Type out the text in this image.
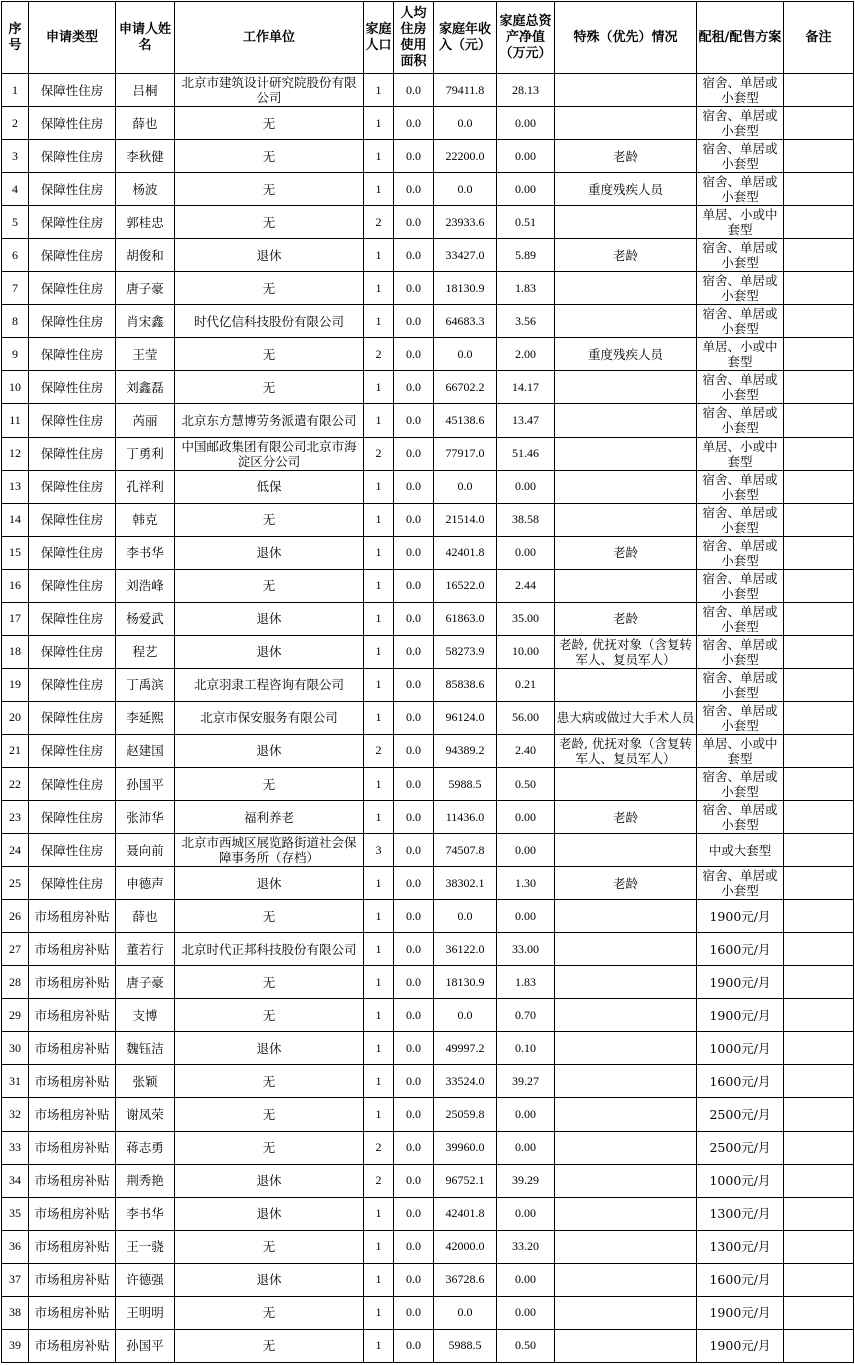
序号	申请类型	申请人姓名	工作单位	家庭人口	人均住房使用面积	家庭年收入（元）	家庭总资产净值（万元）	特殊（优先）情况	配租/配售方案	备注
1	保障性住房	吕桐	北京市建筑设计研究院股份有限公司	1	0.0	79411.8	28.13		宿舍、单居或小套型	
2	保障性住房	薛也	无	1	0.0	0.0	0.00		宿舍、单居或小套型	
3	保障性住房	李秋健	无	1	0.0	22200.0	0.00	老龄	宿舍、单居或小套型	
4	保障性住房	杨波	无	1	0.0	0.0	0.00	重度残疾人员	宿舍、单居或小套型	
5	保障性住房	郭桂忠	无	2	0.0	23933.6	0.51		单居、小或中套型	
6	保障性住房	胡俊和	退休	1	0.0	33427.0	5.89	老龄	宿舍、单居或小套型	
7	保障性住房	唐子豪	无	1	0.0	18130.9	1.83		宿舍、单居或小套型	
8	保障性住房	肖宋鑫	时代亿信科技股份有限公司	1	0.0	64683.3	3.56		宿舍、单居或小套型	
9	保障性住房	王莹	无	2	0.0	0.0	2.00	重度残疾人员	单居、小或中套型	
10	保障性住房	刘鑫磊	无	1	0.0	66702.2	14.17		宿舍、单居或小套型	
11	保障性住房	芮丽	北京东方慧博劳务派遣有限公司	1	0.0	45138.6	13.47		宿舍、单居或小套型	
12	保障性住房	丁勇利	中国邮政集团有限公司北京市海淀区分公司	2	0.0	77917.0	51.46		单居、小或中套型	
13	保障性住房	孔祥利	低保	1	0.0	0.0	0.00		宿舍、单居或小套型	
14	保障性住房	韩克	无	1	0.0	21514.0	38.58		宿舍、单居或小套型	
15	保障性住房	李书华	退休	1	0.0	42401.8	0.00	老龄	宿舍、单居或小套型	
16	保障性住房	刘浩峰	无	1	0.0	16522.0	2.44		宿舍、单居或小套型	
17	保障性住房	杨爱武	退休	1	0.0	61863.0	35.00	老龄	宿舍、单居或小套型	
18	保障性住房	程艺	退休	1	0.0	58273.9	10.00	老龄, 优抚对象（含复转军人、复员军人）	宿舍、单居或小套型	
19	保障性住房	丁禹滨	北京羽隶工程咨询有限公司	1	0.0	85838.6	0.21		宿舍、单居或小套型	
20	保障性住房	李延熙	北京市保安服务有限公司	1	0.0	96124.0	56.00	患大病或做过大手术人员	宿舍、单居或小套型	
21	保障性住房	赵建国	退休	2	0.0	94389.2	2.40	老龄, 优抚对象（含复转军人、复员军人）	单居、小或中套型	
22	保障性住房	孙国平	无	1	0.0	5988.5	0.50		宿舍、单居或小套型	
23	保障性住房	张沛华	福利养老	1	0.0	11436.0	0.00	老龄	宿舍、单居或小套型	
24	保障性住房	聂向前	北京市西城区展览路街道社会保障事务所（存档）	3	0.0	74507.8	0.00		中或大套型	
25	保障性住房	申德声	退休	1	0.0	38302.1	1.30	老龄	宿舍、单居或小套型	
26	市场租房补贴	薛也	无	1	0.0	0.0	0.00		1900元/月	
27	市场租房补贴	董若行	北京时代正邦科技股份有限公司	1	0.0	36122.0	33.00		1600元/月	
28	市场租房补贴	唐子豪	无	1	0.0	18130.9	1.83		1900元/月	
29	市场租房补贴	支博	无	1	0.0	0.0	0.70		1900元/月	
30	市场租房补贴	魏钰洁	退休	1	0.0	49997.2	0.10		1000元/月	
31	市场租房补贴	张颖	无	1	0.0	33524.0	39.27		1600元/月	
32	市场租房补贴	谢凤荣	无	1	0.0	25059.8	0.00		2500元/月	
33	市场租房补贴	蒋志勇	无	2	0.0	39960.0	0.00		2500元/月	
34	市场租房补贴	荆秀艳	退休	2	0.0	96752.1	39.29		1000元/月	
35	市场租房补贴	李书华	退休	1	0.0	42401.8	0.00		1300元/月	
36	市场租房补贴	王一骁	无	1	0.0	42000.0	33.20		1300元/月	
37	市场租房补贴	许德强	退休	1	0.0	36728.6	0.00		1600元/月	
38	市场租房补贴	王明明	无	1	0.0	0.0	0.00		1900元/月	
39	市场租房补贴	孙国平	无	1	0.0	5988.5	0.50		1900元/月	
